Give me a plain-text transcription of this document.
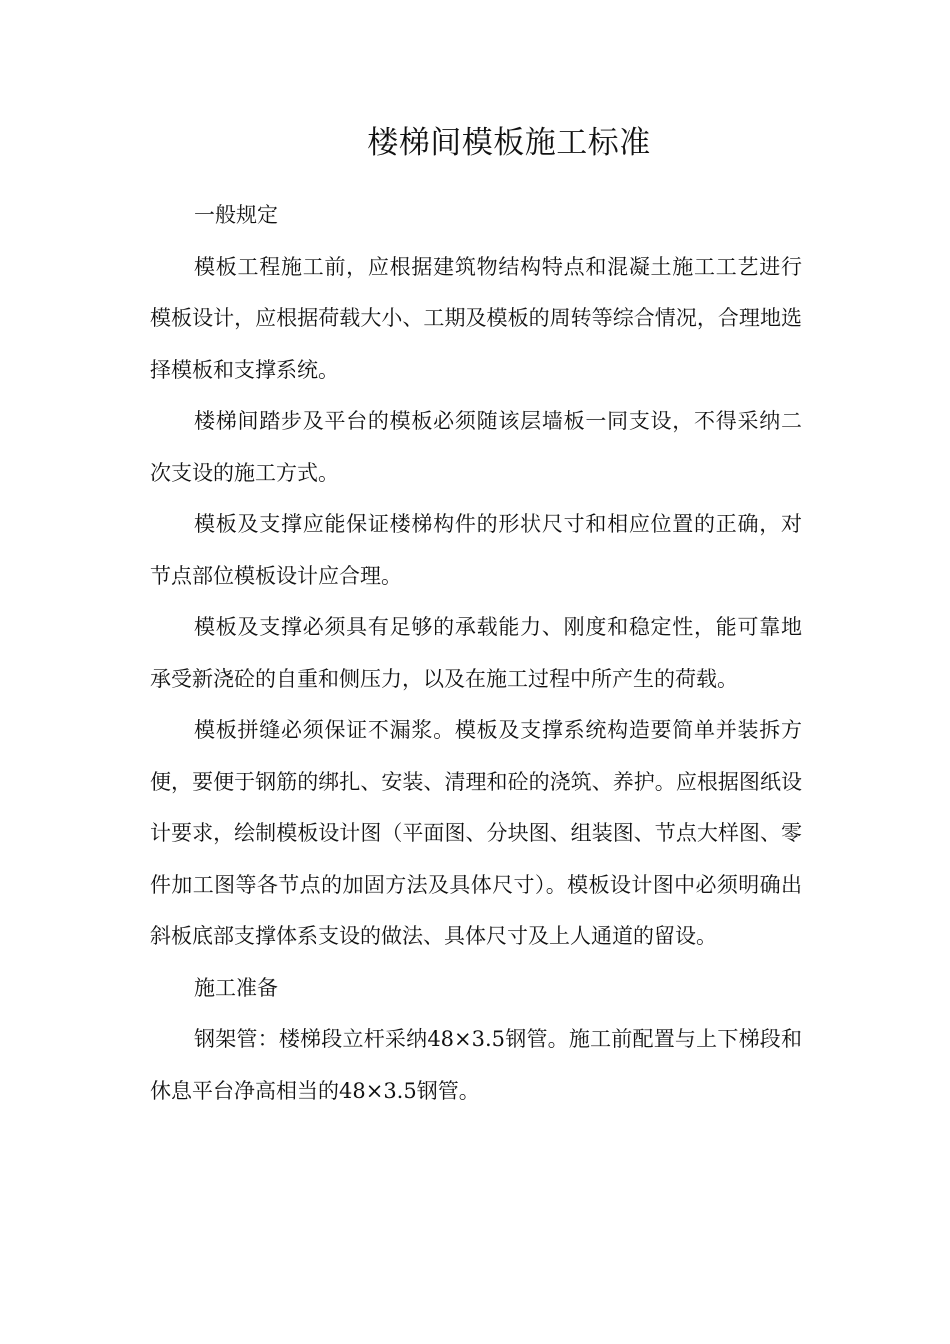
楼梯间模板施工标准

一般规定

模板工程施工前，应根据建筑物结构特点和混凝土施工工艺进行模板设计，应根据荷载大小、工期及模板的周转等综合情况，合理地选择模板和支撑系统。

楼梯间踏步及平台的模板必须随该层墙板一同支设，不得采纳二次支设的施工方式。

模板及支撑应能保证楼梯构件的形状尺寸和相应位置的正确，对节点部位模板设计应合理。

模板及支撑必须具有足够的承载能力、刚度和稳定性，能可靠地承受新浇砼的自重和侧压力，以及在施工过程中所产生的荷载。

模板拼缝必须保证不漏浆。模板及支撑系统构造要简单并装拆方便，要便于钢筋的绑扎、安装、清理和砼的浇筑、养护。应根据图纸设计要求，绘制模板设计图（平面图、分块图、组装图、节点大样图、零件加工图等各节点的加固方法及具体尺寸）。模板设计图中必须明确出斜板底部支撑体系支设的做法、具体尺寸及上人通道的留设。

施工准备

钢架管：楼梯段立杆采纳48×3.5钢管。施工前配置与上下梯段和休息平台净高相当的48×3.5钢管。
